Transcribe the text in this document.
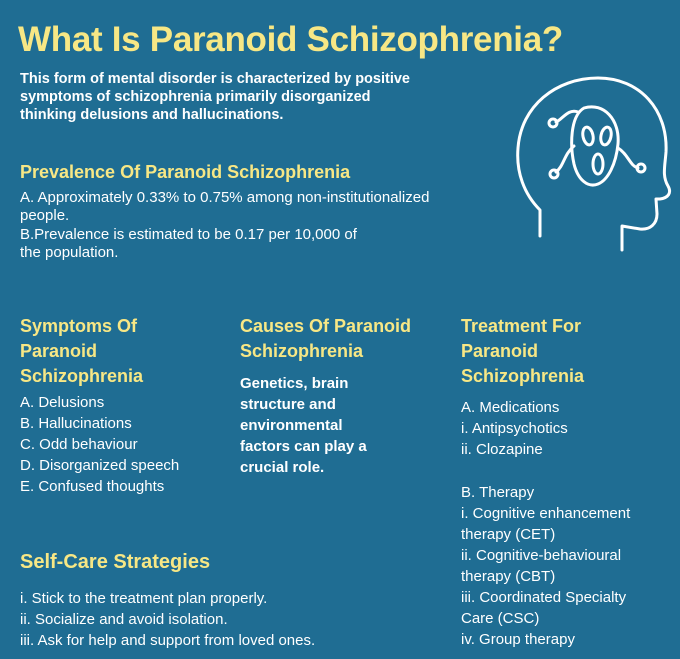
What Is Paranoid Schizophrenia?
This form of mental disorder is characterized by positive
symptoms of schizophrenia primarily disorganized
thinking delusions and hallucinations.
Prevalence Of Paranoid Schizophrenia
A. Approximately 0.33% to 0.75% among non-institutionalized
people.
B.Prevalence is estimated to be 0.17 per 10,000 of
the population.
Symptoms Of
Paranoid
Schizophrenia
A. Delusions
B. Hallucinations
C. Odd behaviour
D. Disorganized speech
E. Confused thoughts
Causes Of Paranoid
Schizophrenia
Genetics, brain
structure and
environmental
factors can play a
crucial role.
Treatment For
Paranoid
Schizophrenia
A. Medications
i. Antipsychotics
ii. Clozapine
B. Therapy
i. Cognitive enhancement
therapy (CET)
ii. Cognitive-behavioural
therapy (CBT)
iii. Coordinated Specialty
Care (CSC)
iv. Group therapy
Self-Care Strategies
i. Stick to the treatment plan properly.
ii. Socialize and avoid isolation.
iii. Ask for help and support from loved ones.
